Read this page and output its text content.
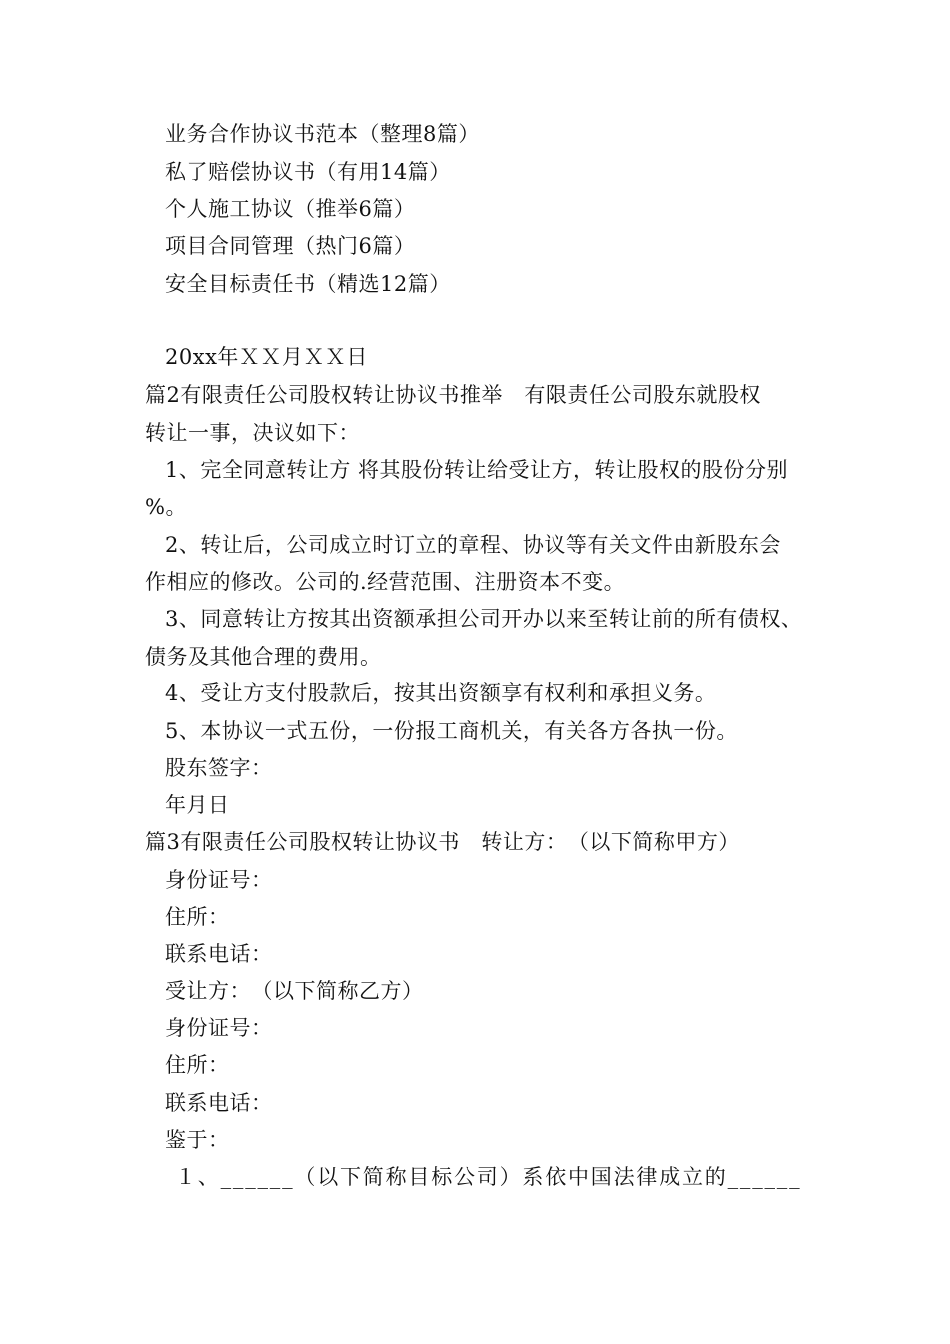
业务合作协议书范本（整理8篇）
私了赔偿协议书（有用14篇）
个人施工协议（推举6篇）
项目合同管理（热门6篇）
安全目标责任书（精选12篇）
20xx年ＸＸ月ＸＸ日
篇2有限责任公司股权转让协议书推举　有限责任公司股东就股权
转让一事，决议如下：
1、完全同意转让方 将其股份转让给受让方，转让股权的股份分别
%。
2、转让后，公司成立时订立的章程、协议等有关文件由新股东会
作相应的修改。公司的.经营范围、注册资本不变。
3、同意转让方按其出资额承担公司开办以来至转让前的所有债权、
债务及其他合理的费用。
4、受让方支付股款后，按其出资额享有权利和承担义务。
5、本协议一式五份，一份报工商机关，有关各方各执一份。
股东签字：
年月日
篇3有限责任公司股权转让协议书　转让方：　（以下简称甲方）
身份证号：
住所：
联系电话：
受让方：　（以下简称乙方）
身份证号：
住所：
联系电话：
鉴于：
１、______（以下简称目标公司）系依中国法律成立的______
